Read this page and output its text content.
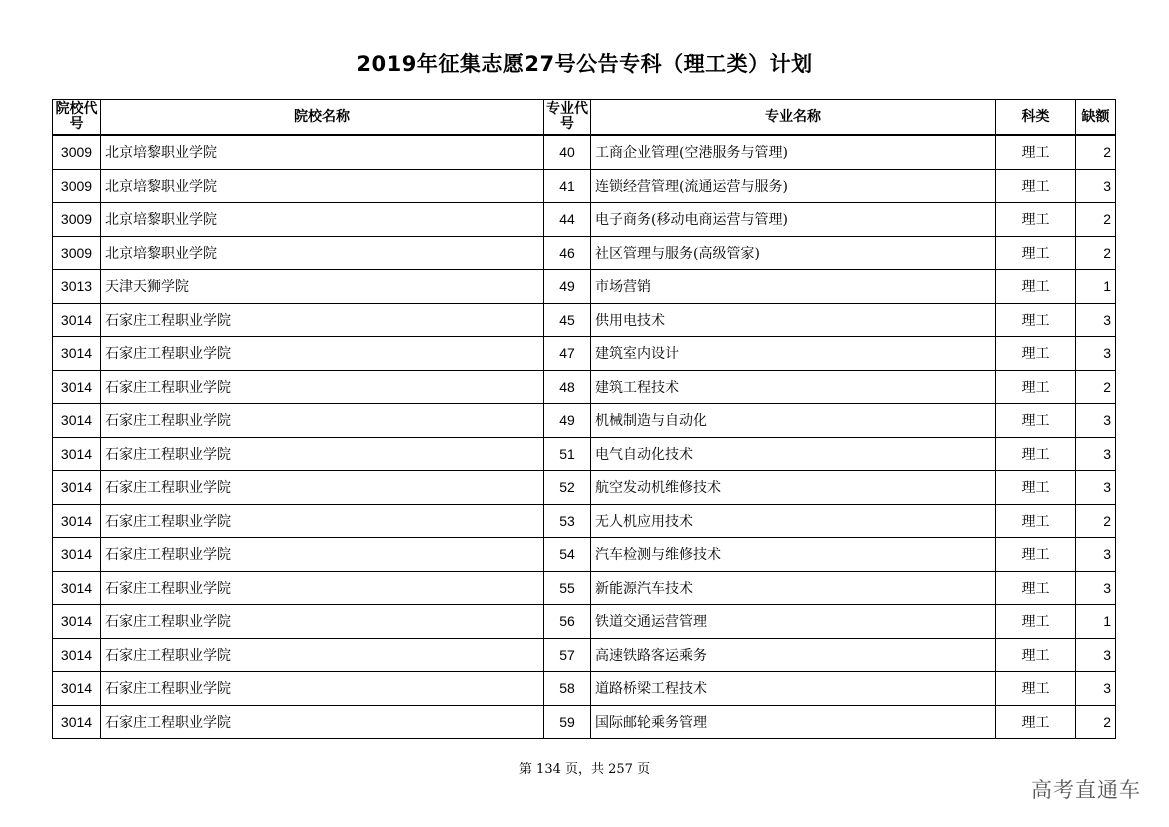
2019年征集志愿27号公告专科（理工类）计划
院校代号	院校名称	专业代号	专业名称	科类	缺额
3009	北京培黎职业学院	40	工商企业管理(空港服务与管理)	理工	2
3009	北京培黎职业学院	41	连锁经营管理(流通运营与服务)	理工	3
3009	北京培黎职业学院	44	电子商务(移动电商运营与管理)	理工	2
3009	北京培黎职业学院	46	社区管理与服务(高级管家)	理工	2
3013	天津天狮学院	49	市场营销	理工	1
3014	石家庄工程职业学院	45	供用电技术	理工	3
3014	石家庄工程职业学院	47	建筑室内设计	理工	3
3014	石家庄工程职业学院	48	建筑工程技术	理工	2
3014	石家庄工程职业学院	49	机械制造与自动化	理工	3
3014	石家庄工程职业学院	51	电气自动化技术	理工	3
3014	石家庄工程职业学院	52	航空发动机维修技术	理工	3
3014	石家庄工程职业学院	53	无人机应用技术	理工	2
3014	石家庄工程职业学院	54	汽车检测与维修技术	理工	3
3014	石家庄工程职业学院	55	新能源汽车技术	理工	3
3014	石家庄工程职业学院	56	铁道交通运营管理	理工	1
3014	石家庄工程职业学院	57	高速铁路客运乘务	理工	3
3014	石家庄工程职业学院	58	道路桥梁工程技术	理工	3
3014	石家庄工程职业学院	59	国际邮轮乘务管理	理工	2
第 134 页，共 257 页
高考直通车
